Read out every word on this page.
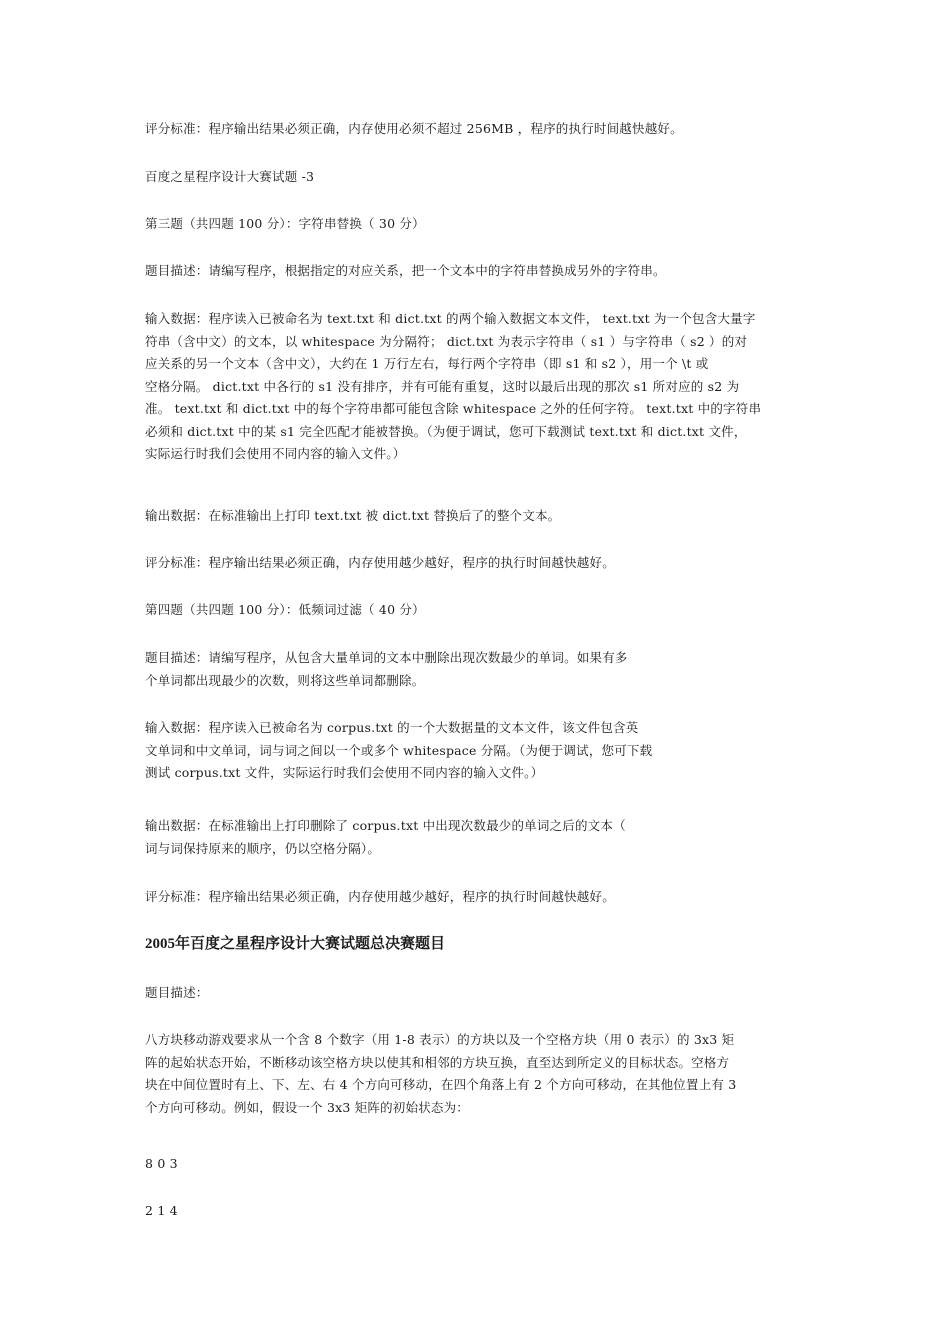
评分标准：程序输出结果必须正确，内存使用必须不超过 256MB ，程序的执行时间越快越好。

百度之星程序设计大赛试题 -3

第三题（共四题 100 分）：字符串替换（ 30 分）

题目描述：请编写程序，根据指定的对应关系，把一个文本中的字符串替换成另外的字符串。

输入数据：程序读入已被命名为 text.txt 和 dict.txt 的两个输入数据文本文件， text.txt 为一个包含大量字
符串（含中文）的文本，以 whitespace 为分隔符； dict.txt 为表示字符串（ s1 ）与字符串（ s2 ）的对
应关系的另一个文本（含中文），大约在 1 万行左右，每行两个字符串（即 s1 和 s2 ），用一个 \t 或
空格分隔。 dict.txt 中各行的 s1 没有排序，并有可能有重复，这时以最后出现的那次 s1 所对应的 s2 为
准。 text.txt 和 dict.txt 中的每个字符串都可能包含除 whitespace 之外的任何字符。 text.txt 中的字符串
必须和 dict.txt 中的某 s1 完全匹配才能被替换。（为便于调试，您可下载测试 text.txt 和 dict.txt 文件，
实际运行时我们会使用不同内容的输入文件。）

输出数据：在标准输出上打印 text.txt 被 dict.txt 替换后了的整个文本。

评分标准：程序输出结果必须正确，内存使用越少越好，程序的执行时间越快越好。

第四题（共四题 100 分）：低频词过滤（ 40 分）

题目描述：请编写程序，从包含大量单词的文本中删除出现次数最少的单词。如果有多
个单词都出现最少的次数，则将这些单词都删除。
输入数据：程序读入已被命名为 corpus.txt 的一个大数据量的文本文件，该文件包含英
文单词和中文单词，词与词之间以一个或多个 whitespace 分隔。（为便于调试，您可下载
测试 corpus.txt 文件，实际运行时我们会使用不同内容的输入文件。）
输出数据：在标准输出上打印删除了 corpus.txt 中出现次数最少的单词之后的文本（
词与词保持原来的顺序，仍以空格分隔）。

评分标准：程序输出结果必须正确，内存使用越少越好，程序的执行时间越快越好。

2005年百度之星程序设计大赛试题总决赛题目

题目描述：

八方块移动游戏要求从一个含 8 个数字（用 1-8 表示）的方块以及一个空格方块（用 0 表示）的 3x3 矩
阵的起始状态开始，不断移动该空格方块以使其和相邻的方块互换，直至达到所定义的目标状态。空格方
块在中间位置时有上、下、左、右 4 个方向可移动，在四个角落上有 2 个方向可移动，在其他位置上有 3
个方向可移动。例如，假设一个 3x3 矩阵的初始状态为：

8 0 3

2 1 4
